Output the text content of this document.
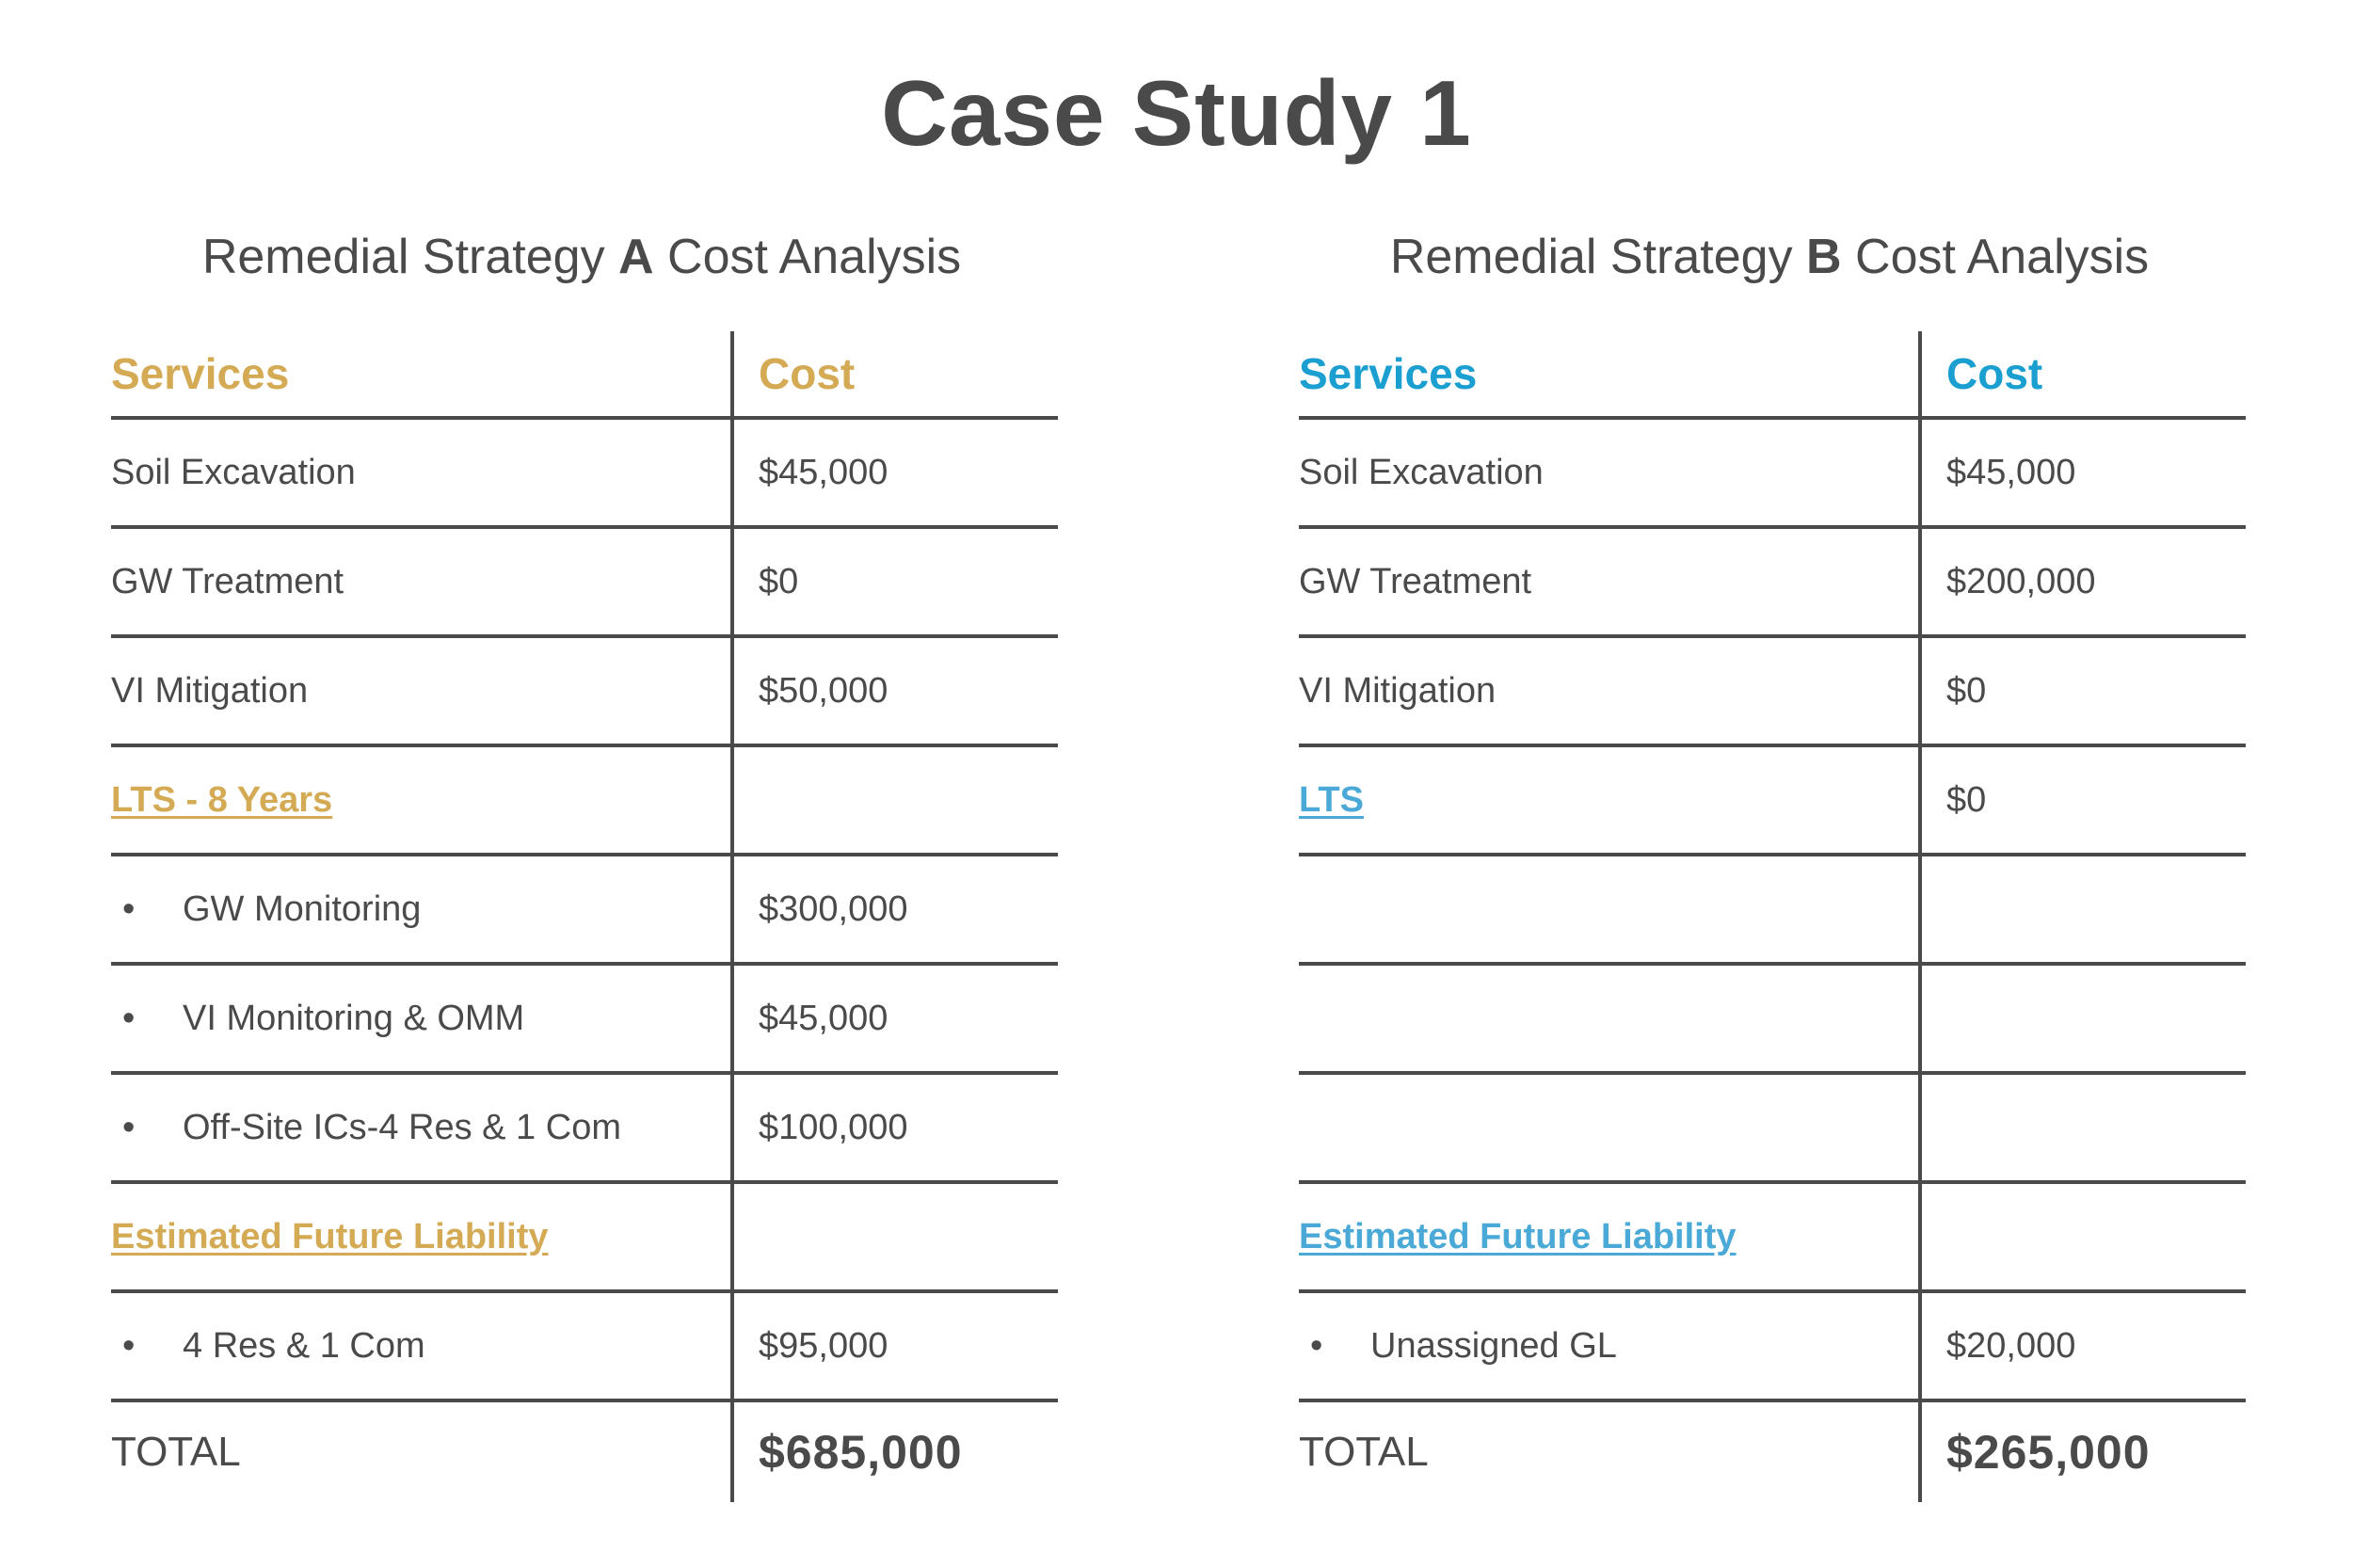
Case Study 1
Remedial Strategy A Cost Analysis
Services	Cost
Soil Excavation	$45,000
GW Treatment	$0
VI Mitigation	$50,000
LTS - 8 Years	
• GW Monitoring	$300,000
• VI Monitoring & OMM	$45,000
• Off-Site ICs-4 Res & 1 Com	$100,000
Estimated Future Liability	
• 4 Res & 1 Com	$95,000
TOTAL	$685,000
Remedial Strategy B Cost Analysis
Services	Cost
Soil Excavation	$45,000
GW Treatment	$200,000
VI Mitigation	$0
LTS	$0

Estimated Future Liability	
• Unassigned GL	$20,000
TOTAL	$265,000
